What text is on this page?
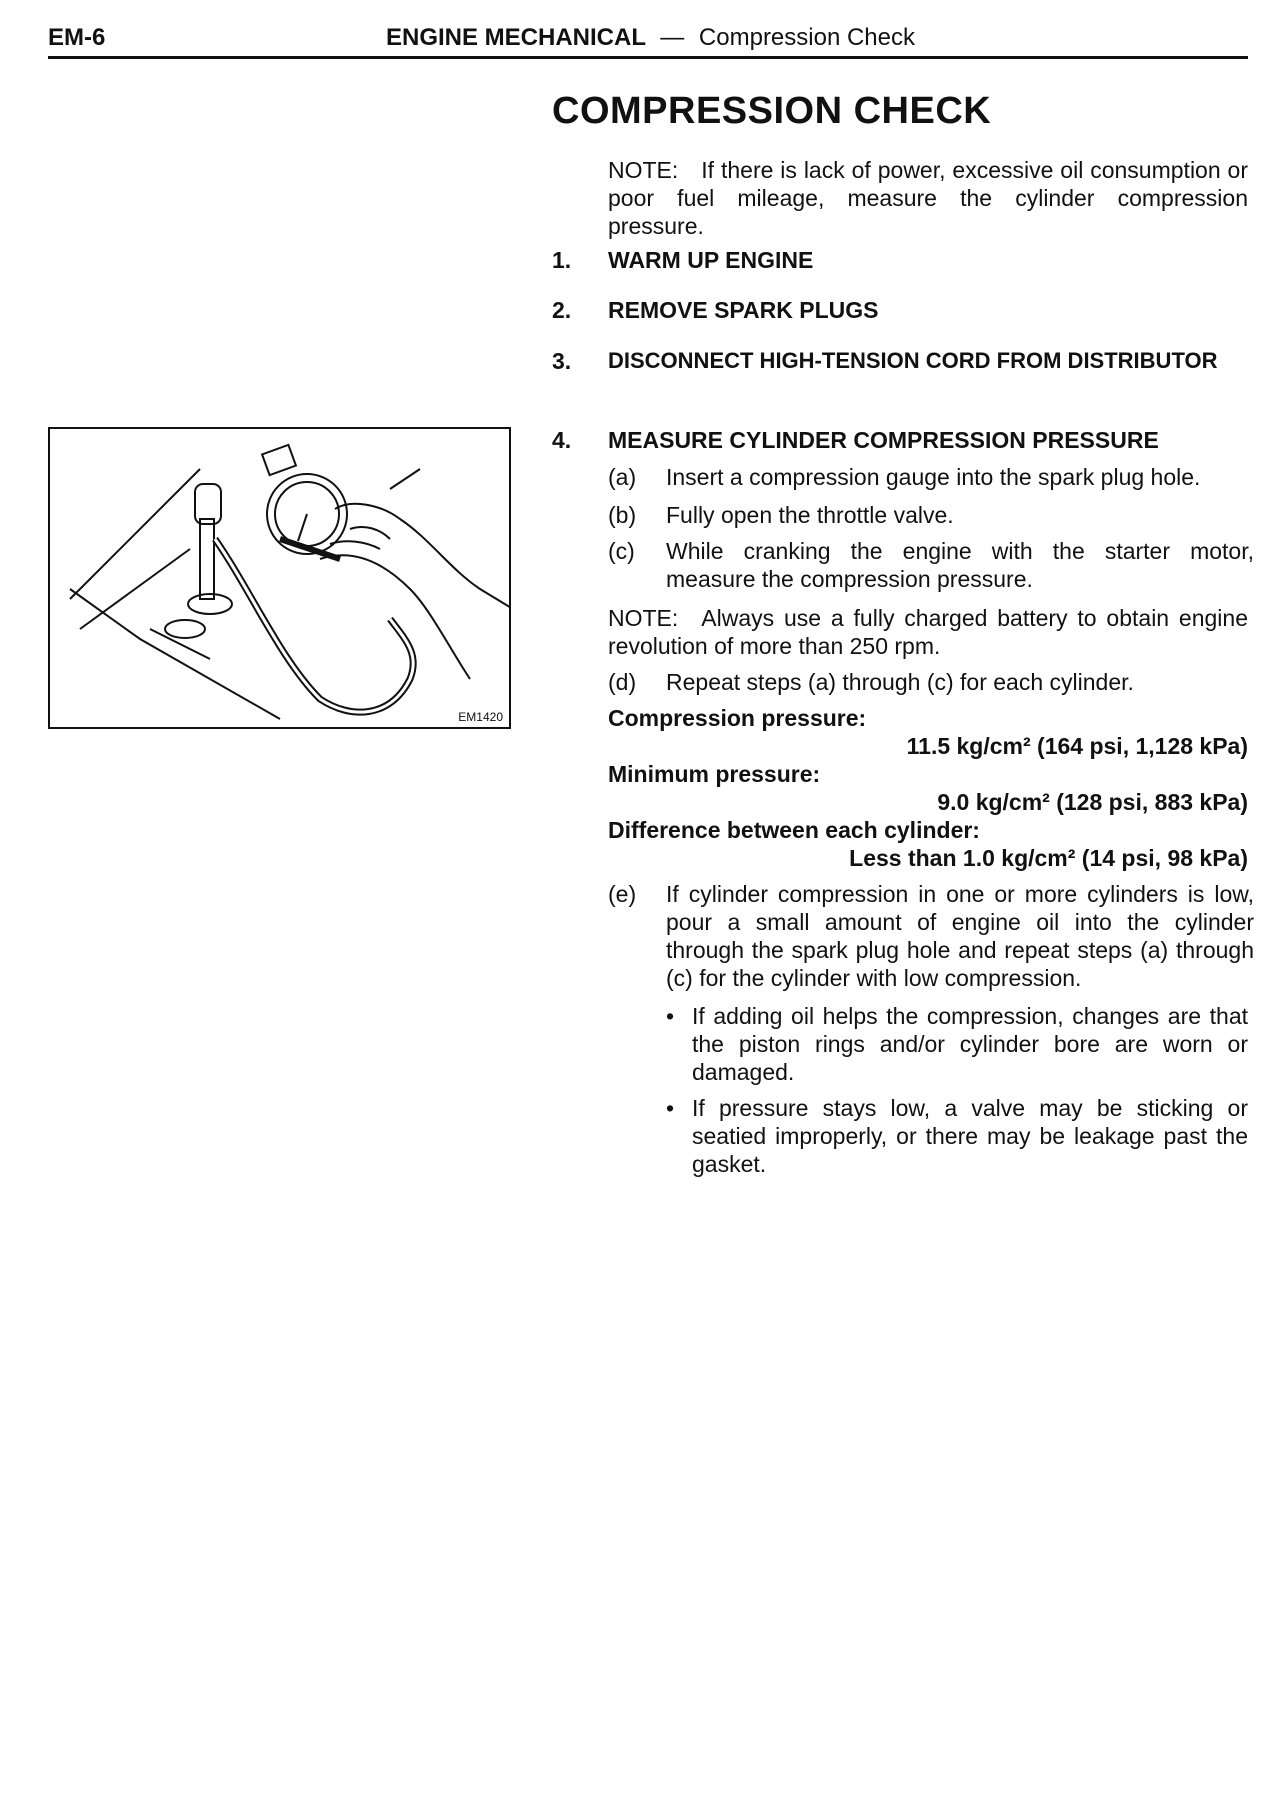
EM-6	ENGINE MECHANICAL — Compression Check
COMPRESSION CHECK
NOTE: If there is lack of power, excessive oil consumption or poor fuel mileage, measure the cylinder compression pressure.
1.	WARM UP ENGINE
2.	REMOVE SPARK PLUGS
3.	DISCONNECT HIGH-TENSION CORD FROM DISTRIBUTOR
EM1420
4.	MEASURE CYLINDER COMPRESSION PRESSURE
(a)	Insert a compression gauge into the spark plug hole.
(b)	Fully open the throttle valve.
(c)	While cranking the engine with the starter motor, measure the compression pressure.
NOTE: Always use a fully charged battery to obtain engine revolution of more than 250 rpm.
(d)	Repeat steps (a) through (c) for each cylinder.
Compression pressure:
11.5 kg/cm² (164 psi, 1,128 kPa)
Minimum pressure:
9.0 kg/cm² (128 psi, 883 kPa)
Difference between each cylinder:
Less than 1.0 kg/cm² (14 psi, 98 kPa)
(e)	If cylinder compression in one or more cylinders is low, pour a small amount of engine oil into the cylinder through the spark plug hole and repeat steps (a) through (c) for the cylinder with low compression.
• If adding oil helps the compression, changes are that the piston rings and/or cylinder bore are worn or damaged.
• If pressure stays low, a valve may be sticking or seatied improperly, or there may be leakage past the gasket.
